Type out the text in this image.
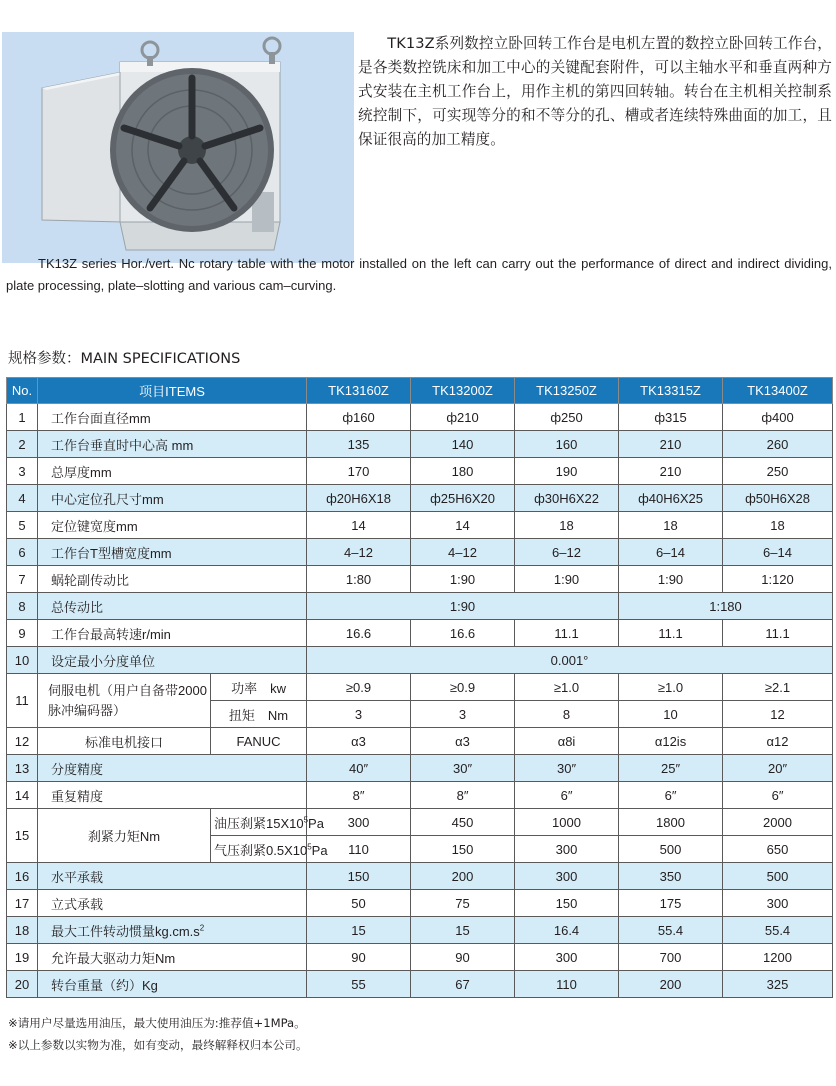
TK13Z系列数控立卧回转工作台是电机左置的数控立卧回转工作台，是各类数控铣床和加工中心的关键配套附件，可以主轴水平和垂直两种方式安装在主机工作台上，用作主机的第四回转轴。转台在主机相关控制系统控制下，可实现等分的和不等分的孔、槽或者连续特殊曲面的加工，且保证很高的加工精度。

TK13Z series Hor./vert. Nc rotary table with the motor installed on the left can carry out the performance of direct and indirect dividing, plate processing, plate–slotting and various cam–curving.

规格参数：MAIN SPECIFICATIONS
No.	项目ITEMS		TK13160Z	TK13200Z	TK13250Z	TK13315Z	TK13400Z
1	工作台面直径mm		ф160	ф210	ф250	ф315	ф400
2	工作台垂直时中心高 mm		135	140	160	210	260
3	总厚度mm		170	180	190	210	250
4	中心定位孔尺寸mm		ф20H6X18	ф25H6X20	ф30H6X22	ф40H6X25	ф50H6X28
5	定位键宽度mm		14	14	18	18	18
6	工作台T型槽宽度mm		4–12	4–12	6–12	6–14	6–14
7	蜗轮副传动比		1:80	1:90	1:90	1:90	1:120
8	总传动比		1:90			1:180	
9	工作台最高转速r/min		16.6	16.6	11.1	11.1	11.1
10	设定最小分度单位		0.001°				
11	伺服电机（用户自备带2000脉冲编码器）	功率　kw	≥0.9	≥0.9	≥1.0	≥1.0	≥2.1
		扭矩　Nm	3	3	8	10	12
12	标准电机接口	FANUC	α3	α3	α8i	α12is	α12
13	分度精度		40″	30″	30″	25″	20″
14	重复精度		8″	8″	6″	6″	6″
15	刹紧力矩Nm	油压刹紧$15X10^5Pa$	300	450	1000	1800	2000
		气压刹紧$0.5X10^5Pa$	110	150	300	500	650
16	水平承载		150	200	300	350	500
17	立式承载		50	75	150	175	300
18	最大工件转动惯量$kg.cm.s^2$		15	15	16.4	55.4	55.4
19	允许最大驱动力矩Nm		90	90	300	700	1200
20	转台重量（约）Kg		55	67	110	200	325

※请用户尽量选用油压，最大使用油压为:推荐值+1MPa。

※以上参数以实物为准，如有变动，最终解释权归本公司。
